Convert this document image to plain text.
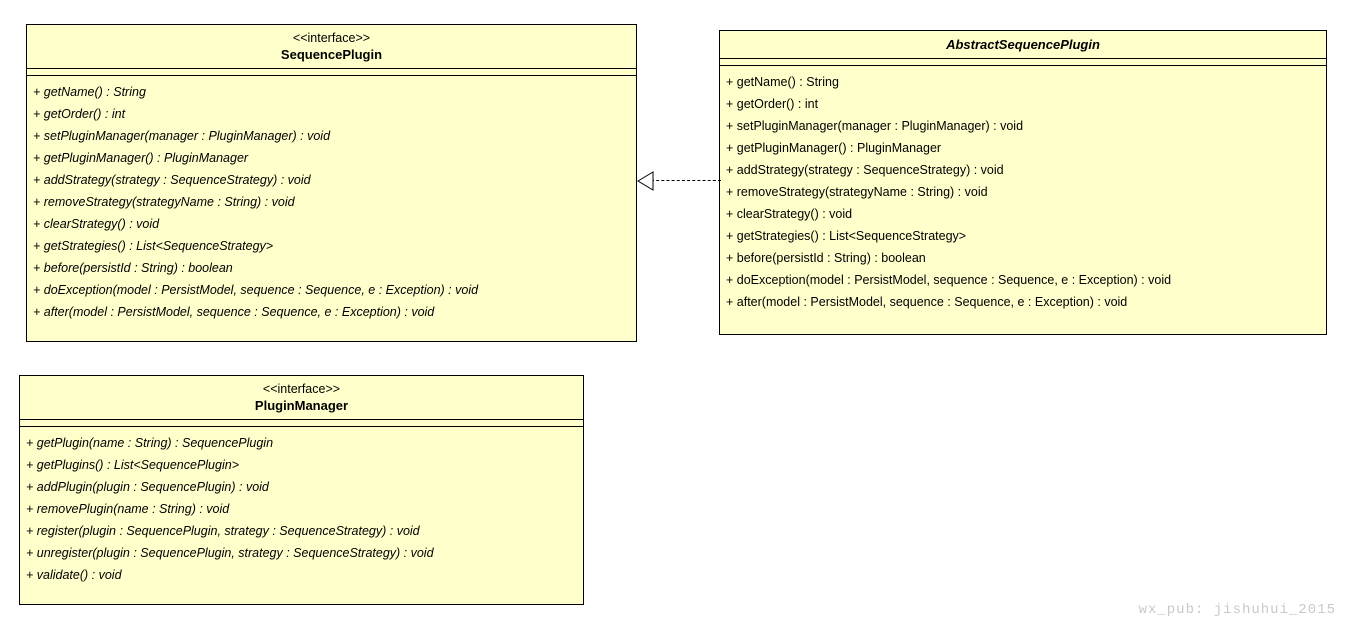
<<interface>>
SequencePlugin
+ getName() : String
+ getOrder() : int
+ setPluginManager(manager : PluginManager) : void
+ getPluginManager() : PluginManager
+ addStrategy(strategy : SequenceStrategy) : void
+ removeStrategy(strategyName : String) : void
+ clearStrategy() : void
+ getStrategies() : List<SequenceStrategy>
+ before(persistId : String) : boolean
+ doException(model : PersistModel, sequence : Sequence, e : Exception) : void
+ after(model : PersistModel, sequence : Sequence, e : Exception) : void
AbstractSequencePlugin
+ getName() : String
+ getOrder() : int
+ setPluginManager(manager : PluginManager) : void
+ getPluginManager() : PluginManager
+ addStrategy(strategy : SequenceStrategy) : void
+ removeStrategy(strategyName : String) : void
+ clearStrategy() : void
+ getStrategies() : List<SequenceStrategy>
+ before(persistId : String) : boolean
+ doException(model : PersistModel, sequence : Sequence, e : Exception) : void
+ after(model : PersistModel, sequence : Sequence, e : Exception) : void
<<interface>>
PluginManager
+ getPlugin(name : String) : SequencePlugin
+ getPlugins() : List<SequencePlugin>
+ addPlugin(plugin : SequencePlugin) : void
+ removePlugin(name : String) : void
+ register(plugin : SequencePlugin, strategy : SequenceStrategy) : void
+ unregister(plugin : SequencePlugin, strategy : SequenceStrategy) : void
+ validate() : void
wx_pub: jishuhui_2015
